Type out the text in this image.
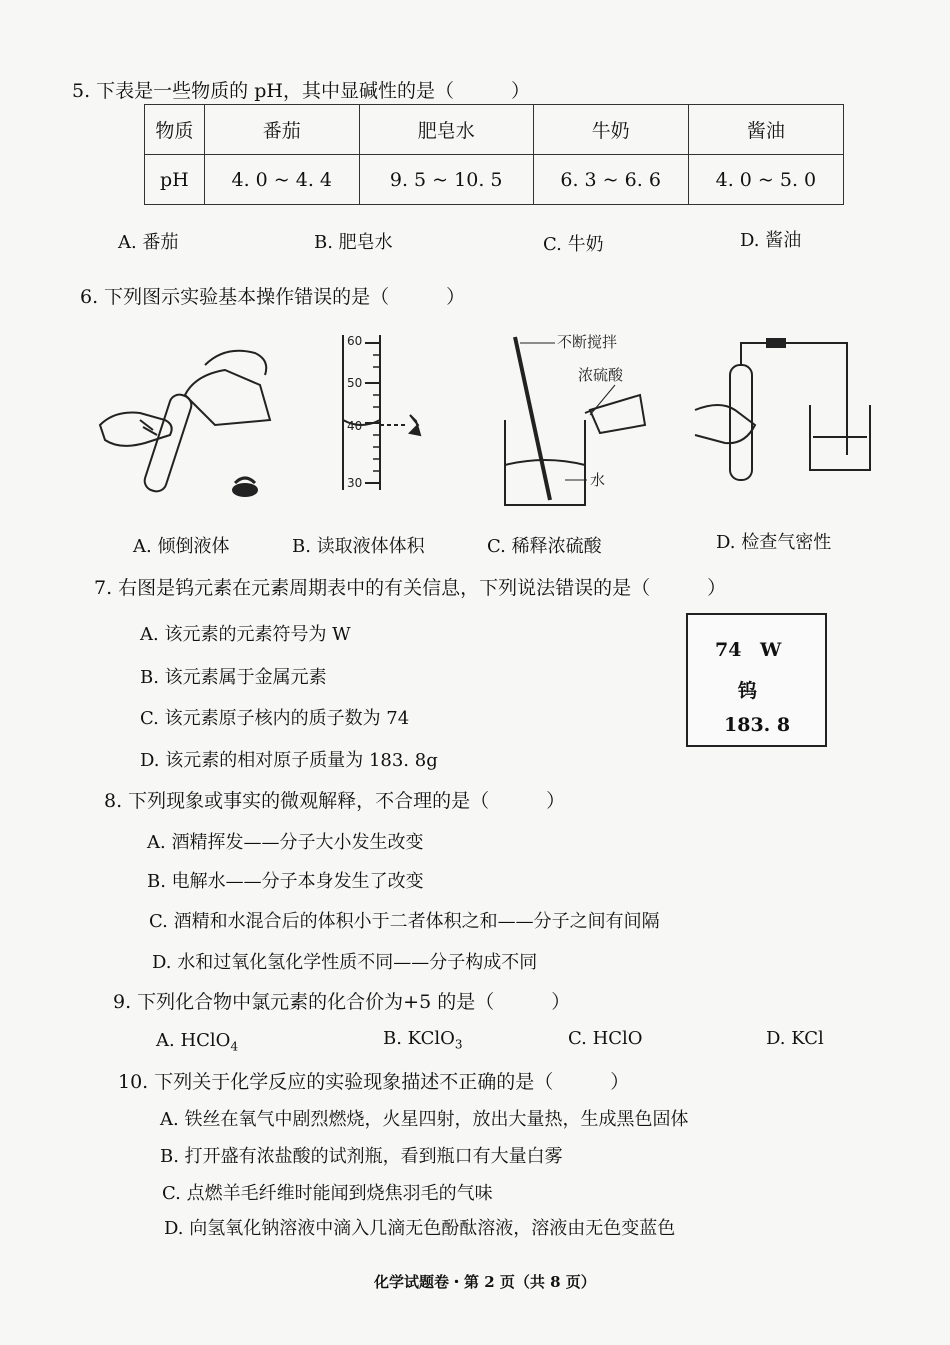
5. 下表是一些物质的 pH，其中显碱性的是（　　　）
物质	番茄	肥皂水	牛奶	酱油
pH	4. 0 ~ 4. 4	9. 5 ~ 10. 5	6. 3 ~ 6. 6	4. 0 ~ 5. 0
A. 番茄	B. 肥皂水	C. 牛奶	D. 酱油
6. 下列图示实验基本操作错误的是（　　　）
60
50
40
30
不断搅拌
浓硫酸
水
A. 倾倒液体	B. 读取液体体积	C. 稀释浓硫酸	D. 检查气密性
7. 右图是钨元素在元素周期表中的有关信息，下列说法错误的是（　　　）
A. 该元素的元素符号为 W
B. 该元素属于金属元素
C. 该元素原子核内的质子数为 74
D. 该元素的相对原子质量为 183. 8g
74 W
钨
183. 8
8. 下列现象或事实的微观解释，不合理的是（　　　）
A. 酒精挥发——分子大小发生改变
B. 电解水——分子本身发生了改变
C. 酒精和水混合后的体积小于二者体积之和——分子之间有间隔
D. 水和过氧化氢化学性质不同——分子构成不同
9. 下列化合物中氯元素的化合价为+5 的是（　　　）
A. HClO$_4$	B. KClO$_3$	C. HClO	D. KCl
10. 下列关于化学反应的实验现象描述不正确的是（　　　）
A. 铁丝在氧气中剧烈燃烧，火星四射，放出大量热，生成黑色固体
B. 打开盛有浓盐酸的试剂瓶，看到瓶口有大量白雾
C. 点燃羊毛纤维时能闻到烧焦羽毛的气味
D. 向氢氧化钠溶液中滴入几滴无色酚酞溶液，溶液由无色变蓝色
化学试题卷・第 2 页（共 8 页）
